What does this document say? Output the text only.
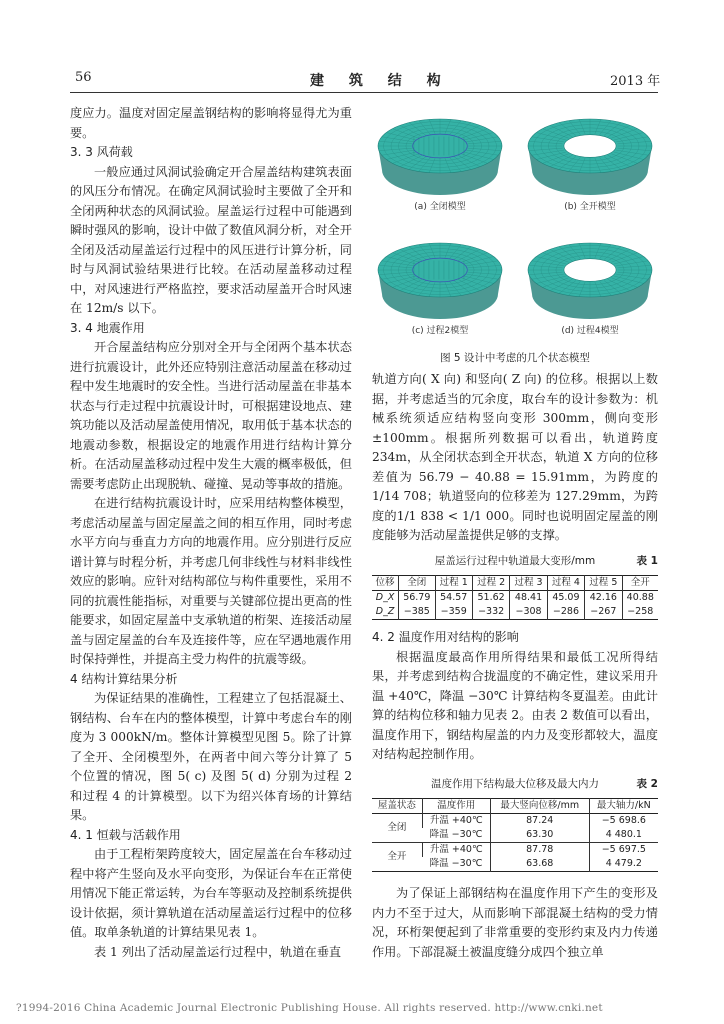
56	建 筑 结 构	2013 年

度应力。温度对固定屋盖钢结构的影响将显得尤为重要。

3. 3 风荷载

一般应通过风洞试验确定开合屋盖结构建筑表面的风压分布情况。在确定风洞试验时主要做了全开和全闭两种状态的风洞试验。屋盖运行过程中可能遇到瞬时强风的影响，设计中做了数值风洞分析，对全开全闭及活动屋盖运行过程中的风压进行计算分析，同时与风洞试验结果进行比较。在活动屋盖移动过程中，对风速进行严格监控，要求活动屋盖开合时风速在 12m/s 以下。

3. 4 地震作用

开合屋盖结构应分别对全开与全闭两个基本状态进行抗震设计，此外还应特别注意活动屋盖在移动过程中发生地震时的安全性。当进行活动屋盖在非基本状态与行走过程中抗震设计时，可根据建设地点、建筑功能以及活动屋盖使用情况，取用低于基本状态的地震动参数，根据设定的地震作用进行结构计算分析。在活动屋盖移动过程中发生大震的概率极低，但需要考虑防止出现脱轨、碰撞、晃动等事故的措施。

在进行结构抗震设计时，应采用结构整体模型，考虑活动屋盖与固定屋盖之间的相互作用，同时考虑水平方向与垂直力方向的地震作用。应分别进行反应谱计算与时程分析，并考虑几何非线性与材料非线性效应的影响。应针对结构部位与构件重要性，采用不同的抗震性能指标，对重要与关键部位提出更高的性能要求，如固定屋盖中支承轨道的桁架、连接活动屋盖与固定屋盖的台车及连接件等，应在罕遇地震作用时保持弹性，并提高主受力构件的抗震等级。

4 结构计算结果分析

为保证结果的准确性，工程建立了包括混凝土、钢结构、台车在内的整体模型，计算中考虑台车的刚度为 3 000kN/m。整体计算模型见图 5。除了计算了全开、全闭模型外，在两者中间六等分计算了 5 个位置的情况，图 5( c) 及图 5( d) 分别为过程 2 和过程 4 的计算模型。以下为绍兴体育场的计算结果。

4. 1 恒载与活载作用

由于工程桁架跨度较大，固定屋盖在台车移动过程中将产生竖向及水平向变形，为保证台车在正常使用情况下能正常运转，为台车等驱动及控制系统提供设计依据，须计算轨道在活动屋盖运行过程中的位移值。取单条轨道的计算结果见表 1。

表 1 列出了活动屋盖运行过程中，轨道在垂直

(a) 全闭模型	(b) 全开模型
(c) 过程2模型	(d) 过程4模型
图 5 设计中考虑的几个状态模型

轨道方向( X 向) 和竖向( Z 向) 的位移。根据以上数据，并考虑适当的冗余度，取台车的设计参数为：机械系统须适应结构竖向变形 300mm，侧向变形 ±100mm。根据所列数据可以看出，轨道跨度 234m，从全闭状态到全开状态，轨道 X 方向的位移差值为 56.79 − 40.88 = 15.91mm，为跨度的 1/14 708；轨道竖向的位移差为 127.29mm，为跨度的1/1 838 < 1/1 000。同时也说明固定屋盖的刚度能够为活动屋盖提供足够的支撑。

屋盖运行过程中轨道最大变形/mm	表 1
位移	全闭	过程 1	过程 2	过程 3	过程 4	过程 5	全开
D_X	56.79	54.57	51.62	48.41	45.09	42.16	40.88
D_Z	−385	−359	−332	−308	−286	−267	−258

4. 2 温度作用对结构的影响

根据温度最高作用所得结果和最低工况所得结果，并考虑到结构合拢温度的不确定性，建议采用升温 +40℃，降温 −30℃ 计算结构冬夏温差。由此计算的结构位移和轴力见表 2。由表 2 数值可以看出，温度作用下，钢结构屋盖的内力及变形都较大，温度对结构起控制作用。

温度作用下结构最大位移及最大内力	表 2
屋盖状态	温度作用	最大竖向位移/mm	最大轴力/kN
全闭	升温 +40℃	87.24	−5 698.6
	降温 −30℃	63.30	4 480.1
全开	升温 +40℃	87.78	−5 697.5
	降温 −30℃	63.68	4 479.2

为了保证上部钢结构在温度作用下产生的变形及内力不至于过大，从而影响下部混凝土结构的受力情况，环桁架便起到了非常重要的变形约束及内力传递作用。下部混凝土被温度缝分成四个独立单

?1994-2016 China Academic Journal Electronic Publishing House. All rights reserved. http://www.cnki.net
